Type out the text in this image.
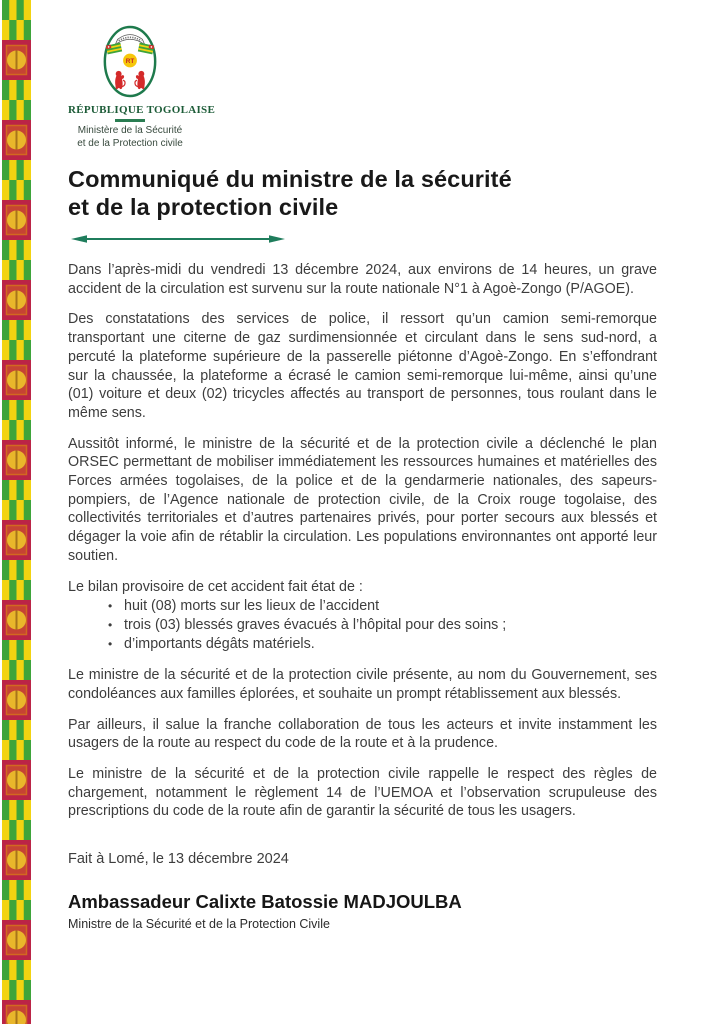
RT
RÉPUBLIQUE TOGOLAISE
Ministère de la Sécurité
et de la Protection civile
Communiqué du ministre de la sécurité
et de la protection civile

Dans l’après-midi du vendredi 13 décembre 2024, aux environs de 14 heures, un grave accident de la circulation est survenu sur la route nationale N°1 à Agoè-Zongo (P/AGOE).

Des constatations des services de police, il ressort qu’un camion semi-remorque transportant une citerne de gaz surdimensionnée et circulant dans le sens sud-nord, a percuté la plateforme supérieure de la passerelle piétonne d’Agoè-Zongo. En s’effondrant sur la chaussée, la plateforme a écrasé le camion semi-remorque lui-même, ainsi qu’une (01) voiture et deux (02) tricycles affectés au transport de personnes, tous roulant dans le même sens.

Aussitôt informé, le ministre de la sécurité et de la protection civile a déclenché le plan ORSEC permettant de mobiliser immédiatement les ressources humaines et matérielles des Forces armées togolaises, de la police et de la gendarmerie nationales, des sapeurs-pompiers, de l’Agence nationale de protection civile, de la Croix rouge togolaise, des collectivités territoriales et d’autres partenaires privés, pour porter secours aux blessés et dégager la voie afin de rétablir la circulation. Les populations environnantes ont apporté leur soutien.

Le bilan provisoire de cet accident fait état de :

• huit (08) morts sur les lieux de l’accident
• trois (03) blessés graves évacués à l’hôpital pour des soins ;
• d’importants dégâts matériels.

Le ministre de la sécurité et de la protection civile présente, au nom du Gouvernement, ses condoléances aux familles éplorées, et souhaite un prompt rétablissement aux blessés.

Par ailleurs, il salue la franche collaboration de tous les acteurs et invite instamment les usagers de la route au respect du code de la route et à la prudence.

Le ministre de la sécurité et de la protection civile rappelle le respect des règles de chargement, notamment le règlement 14 de l’UEMOA et l’observation scrupuleuse des prescriptions du code de la route afin de garantir la sécurité de tous les usagers.

Fait à Lomé, le 13 décembre 2024

Ambassadeur Calixte Batossie MADJOULBA
Ministre de la Sécurité et de la Protection Civile
